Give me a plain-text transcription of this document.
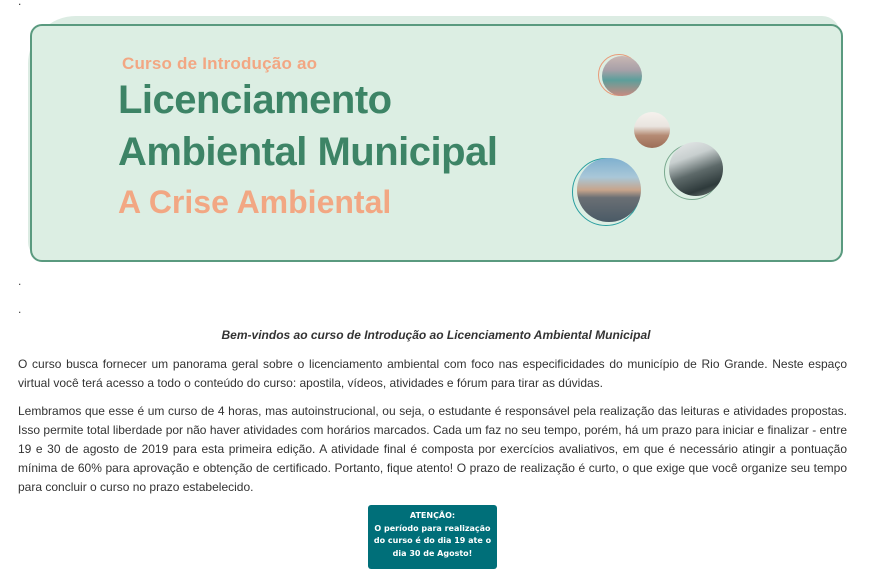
.
Curso de Introdução ao
Licenciamento
Ambiental Municipal
A Crise Ambiental
.
.
Bem-vindos ao curso de Introdução ao Licenciamento Ambiental Municipal

O curso busca fornecer um panorama geral sobre o licenciamento ambiental com foco nas especificidades do município de Rio Grande. Neste espaço virtual você terá acesso a todo o conteúdo do curso: apostila, vídeos, atividades e fórum para tirar as dúvidas.

Lembramos que esse é um curso de 4 horas, mas autoinstrucional, ou seja, o estudante é responsável pela realização das leituras e atividades propostas. Isso permite total liberdade por não haver atividades com horários marcados. Cada um faz no seu tempo, porém, há um prazo para iniciar e finalizar - entre 19 e 30 de agosto de 2019 para esta primeira edição. A atividade final é composta por exercícios avaliativos, em que é necessário atingir a pontuação mínima de 60% para aprovação e obtenção de certificado. Portanto, fique atento! O prazo de realização é curto, o que exige que você organize seu tempo para concluir o curso no prazo estabelecido.

ATENÇÃO:
O período para realização
do curso é do dia 19 ate o
dia 30 de Agosto!
